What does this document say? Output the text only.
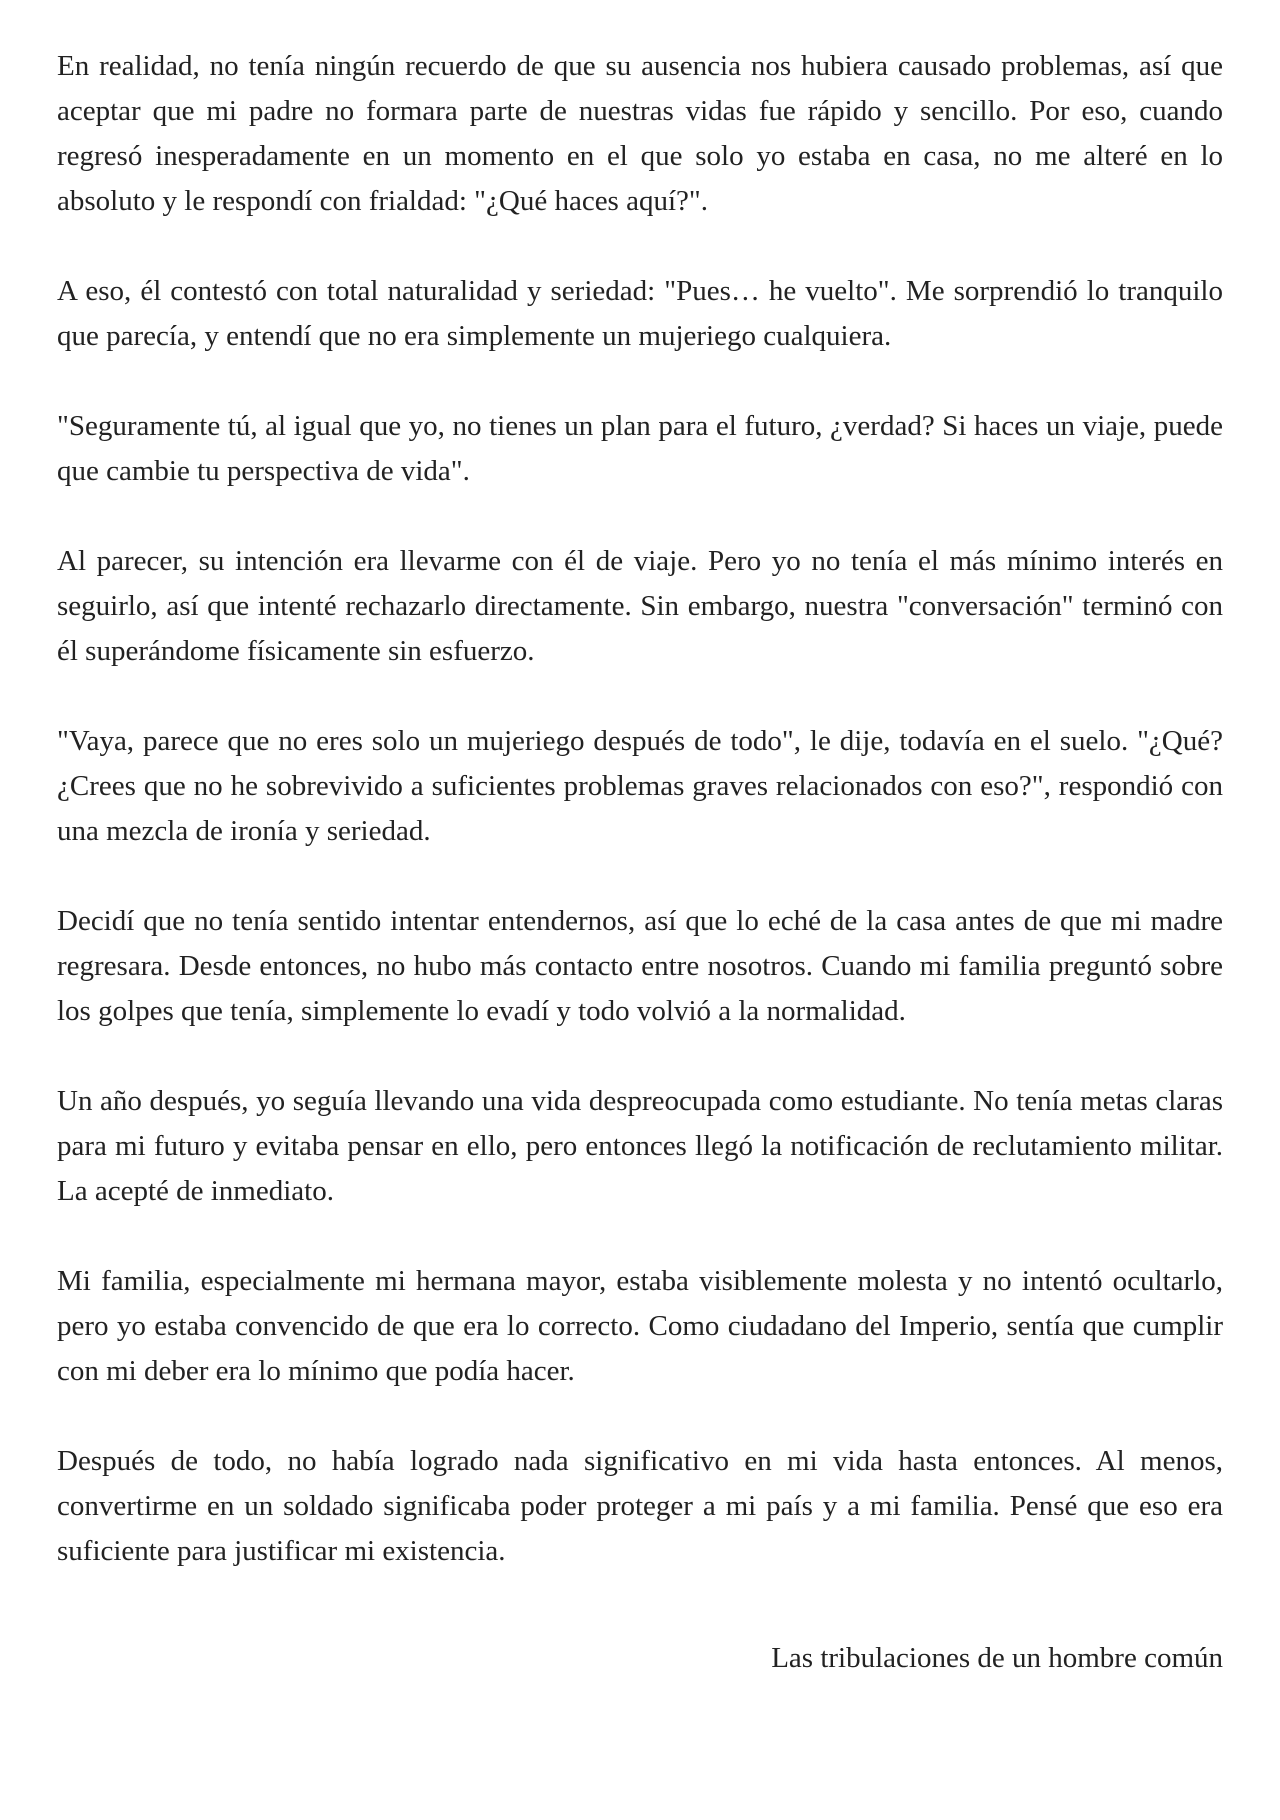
En realidad, no tenía ningún recuerdo de que su ausencia nos hubiera causado problemas, así que aceptar que mi padre no formara parte de nuestras vidas fue rápido y sencillo. Por eso, cuando regresó inesperadamente en un momento en el que solo yo estaba en casa, no me alteré en lo absoluto y le respondí con frialdad: "¿Qué haces aquí?".

A eso, él contestó con total naturalidad y seriedad: "Pues… he vuelto". Me sorprendió lo tranquilo que parecía, y entendí que no era simplemente un mujeriego cualquiera.

"Seguramente tú, al igual que yo, no tienes un plan para el futuro, ¿verdad? Si haces un viaje, puede que cambie tu perspectiva de vida".

Al parecer, su intención era llevarme con él de viaje. Pero yo no tenía el más mínimo interés en seguirlo, así que intenté rechazarlo directamente. Sin embargo, nuestra "conversación" terminó con él superándome físicamente sin esfuerzo.

"Vaya, parece que no eres solo un mujeriego después de todo", le dije, todavía en el suelo. "¿Qué? ¿Crees que no he sobrevivido a suficientes problemas graves relacionados con eso?", respondió con una mezcla de ironía y seriedad.

Decidí que no tenía sentido intentar entendernos, así que lo eché de la casa antes de que mi madre regresara. Desde entonces, no hubo más contacto entre nosotros. Cuando mi familia preguntó sobre los golpes que tenía, simplemente lo evadí y todo volvió a la normalidad.

Un año después, yo seguía llevando una vida despreocupada como estudiante. No tenía metas claras para mi futuro y evitaba pensar en ello, pero entonces llegó la notificación de reclutamiento militar. La acepté de inmediato.

Mi familia, especialmente mi hermana mayor, estaba visiblemente molesta y no intentó ocultarlo, pero yo estaba convencido de que era lo correcto. Como ciudadano del Imperio, sentía que cumplir con mi deber era lo mínimo que podía hacer.

Después de todo, no había logrado nada significativo en mi vida hasta entonces. Al menos, convertirme en un soldado significaba poder proteger a mi país y a mi familia. Pensé que eso era suficiente para justificar mi existencia.

Las tribulaciones de un hombre común
